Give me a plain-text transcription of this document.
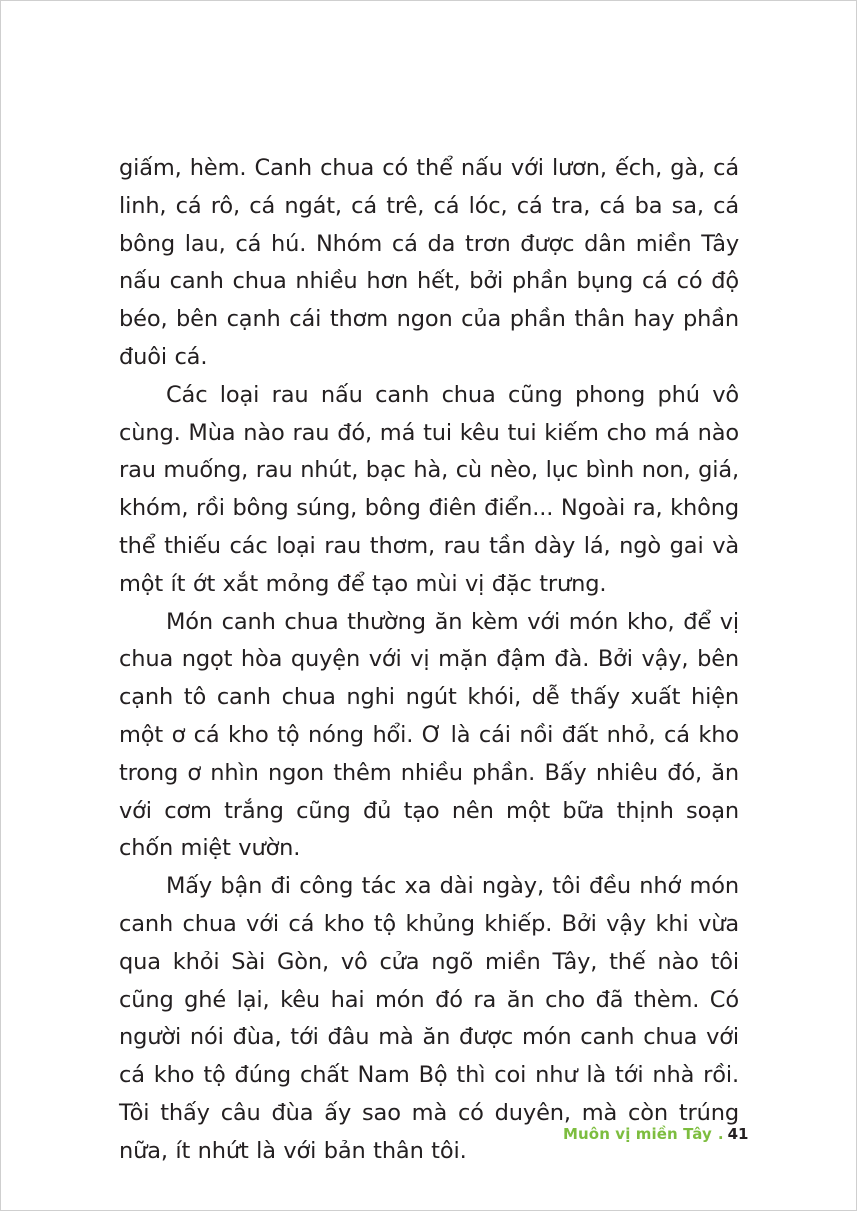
giấm, hèm. Canh chua có thể nấu với lươn, ếch, gà, cá linh, cá rô, cá ngát, cá trê, cá lóc, cá tra, cá ba sa, cá bông lau, cá hú. Nhóm cá da trơn được dân miền Tây nấu canh chua nhiều hơn hết, bởi phần bụng cá có độ béo, bên cạnh cái thơm ngon của phần thân hay phần đuôi cá.

Các loại rau nấu canh chua cũng phong phú vô cùng. Mùa nào rau đó, má tui kêu tui kiếm cho má nào rau muống, rau nhút, bạc hà, cù nèo, lục bình non, giá, khóm, rồi bông súng, bông điên điển... Ngoài ra, không thể thiếu các loại rau thơm, rau tần dày lá, ngò gai và một ít ớt xắt mỏng để tạo mùi vị đặc trưng.

Món canh chua thường ăn kèm với món kho, để vị chua ngọt hòa quyện với vị mặn đậm đà. Bởi vậy, bên cạnh tô canh chua nghi ngút khói, dễ thấy xuất hiện một ơ cá kho tộ nóng hổi. Ơ là cái nồi đất nhỏ, cá kho trong ơ nhìn ngon thêm nhiều phần. Bấy nhiêu đó, ăn với cơm trắng cũng đủ tạo nên một bữa thịnh soạn chốn miệt vườn.

Mấy bận đi công tác xa dài ngày, tôi đều nhớ món canh chua với cá kho tộ khủng khiếp. Bởi vậy khi vừa qua khỏi Sài Gòn, vô cửa ngõ miền Tây, thế nào tôi cũng ghé lại, kêu hai món đó ra ăn cho đã thèm. Có người nói đùa, tới đâu mà ăn được món canh chua với cá kho tộ đúng chất Nam Bộ thì coi như là tới nhà rồi. Tôi thấy câu đùa ấy sao mà có duyên, mà còn trúng nữa, ít nhứt là với bản thân tôi.

Muôn vị miền Tây . 41
